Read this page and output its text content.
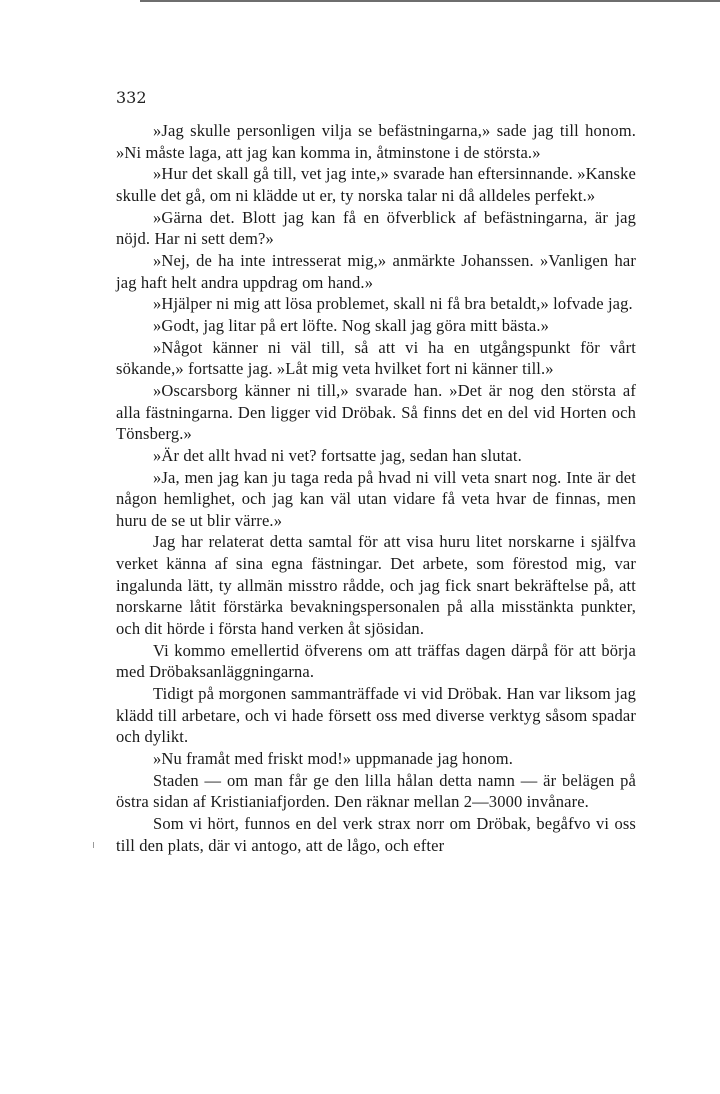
332

»Jag skulle personligen vilja se befästningarna,» sade jag till honom. »Ni måste laga, att jag kan komma in, åtminstone i de största.»

»Hur det skall gå till, vet jag inte,» svarade han eftersinnande. »Kanske skulle det gå, om ni klädde ut er, ty norska talar ni då alldeles perfekt.»

»Gärna det. Blott jag kan få en öfverblick af befästningarna, är jag nöjd. Har ni sett dem?»

»Nej, de ha inte intresserat mig,» anmärkte Johanssen. »Vanligen har jag haft helt andra uppdrag om hand.»

»Hjälper ni mig att lösa problemet, skall ni få bra betaldt,» lofvade jag.

»Godt, jag litar på ert löfte. Nog skall jag göra mitt bästa.»

»Något känner ni väl till, så att vi ha en utgångspunkt för vårt sökande,» fortsatte jag. »Låt mig veta hvilket fort ni känner till.»

»Oscarsborg känner ni till,» svarade han. »Det är nog den största af alla fästningarna. Den ligger vid Dröbak. Så finns det en del vid Horten och Tönsberg.»

»Är det allt hvad ni vet? fortsatte jag, sedan han slutat.

»Ja, men jag kan ju taga reda på hvad ni vill veta snart nog. Inte är det någon hemlighet, och jag kan väl utan vidare få veta hvar de finnas, men huru de se ut blir värre.»

Jag har relaterat detta samtal för att visa huru litet norskarne i själfva verket känna af sina egna fästningar. Det arbete, som förestod mig, var ingalunda lätt, ty allmän misstro rådde, och jag fick snart bekräftelse på, att norskarne låtit förstärka bevakningspersonalen på alla misstänkta punkter, och dit hörde i första hand verken åt sjösidan.

Vi kommo emellertid öfverens om att träffas dagen därpå för att börja med Dröbaksanläggningarna.

Tidigt på morgonen sammanträffade vi vid Dröbak. Han var liksom jag klädd till arbetare, och vi hade försett oss med diverse verktyg såsom spadar och dylikt.

»Nu framåt med friskt mod!» uppmanade jag honom.

Staden — om man får ge den lilla hålan detta namn — är belägen på östra sidan af Kristianiafjorden. Den räknar mellan 2—3000 invånare.

Som vi hört, funnos en del verk strax norr om Dröbak, begåfvo vi oss till den plats, där vi antogo, att de lågo, och efter
